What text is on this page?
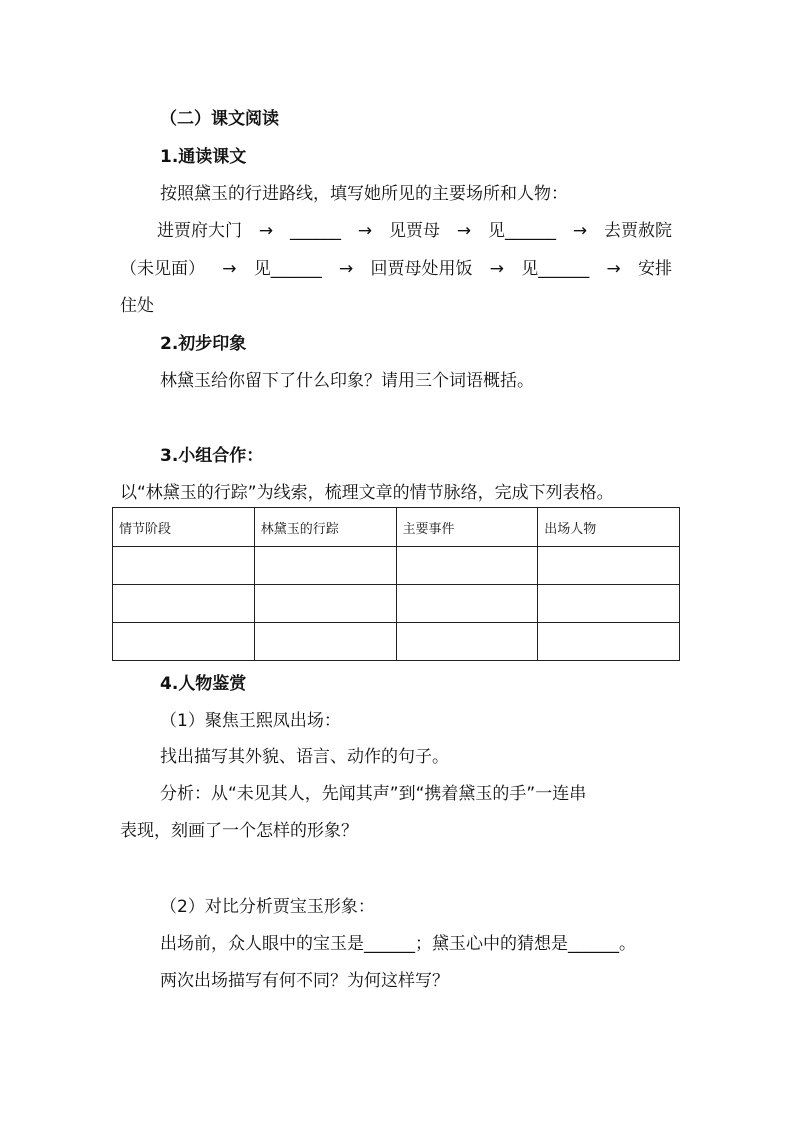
（二）课文阅读
1.通读课文
按照黛玉的行进路线，填写她所见的主要场所和人物：
进贾府大门 → ______ → 见贾母 → 见______ → 去贾赦院
（未见面） → 见______ → 回贾母处用饭 → 见______ → 安排
住处
2.初步印象
林黛玉给你留下了什么印象？请用三个词语概括。
3.小组合作：
以“林黛玉的行踪”为线索，梳理文章的情节脉络，完成下列表格。
情节阶段	林黛玉的行踪	主要事件	出场人物

4.人物鉴赏
（1）聚焦王熙凤出场：
找出描写其外貌、语言、动作的句子。
分析：从“未见其人，先闻其声”到“携着黛玉的手”一连串
表现，刻画了一个怎样的形象？
（2）对比分析贾宝玉形象：
出场前，众人眼中的宝玉是______；黛玉心中的猜想是______。
两次出场描写有何不同？为何这样写？
